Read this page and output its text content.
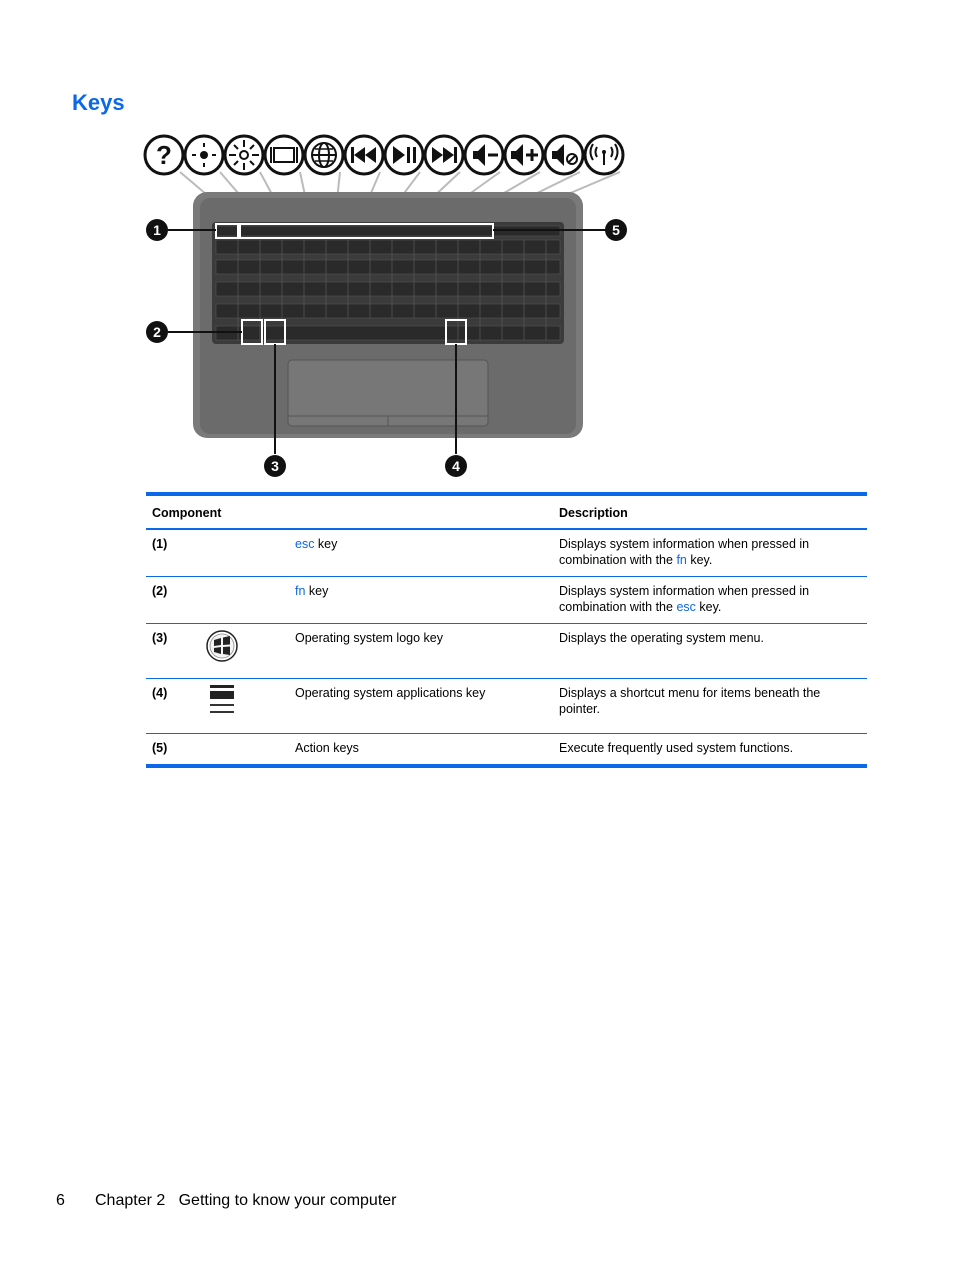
Keys
?
1	5
2
3	4
Component			Description
(1)		esc key	Displays system information when pressed in combination with the fn key.
(2)		fn key	Displays system information when pressed in combination with the esc key.
(3)		Operating system logo key	Displays the operating system menu.
(4)		Operating system applications key	Displays a shortcut menu for items beneath the pointer.
(5)		Action keys	Execute frequently used system functions.
6 Chapter 2   Getting to know your computer
